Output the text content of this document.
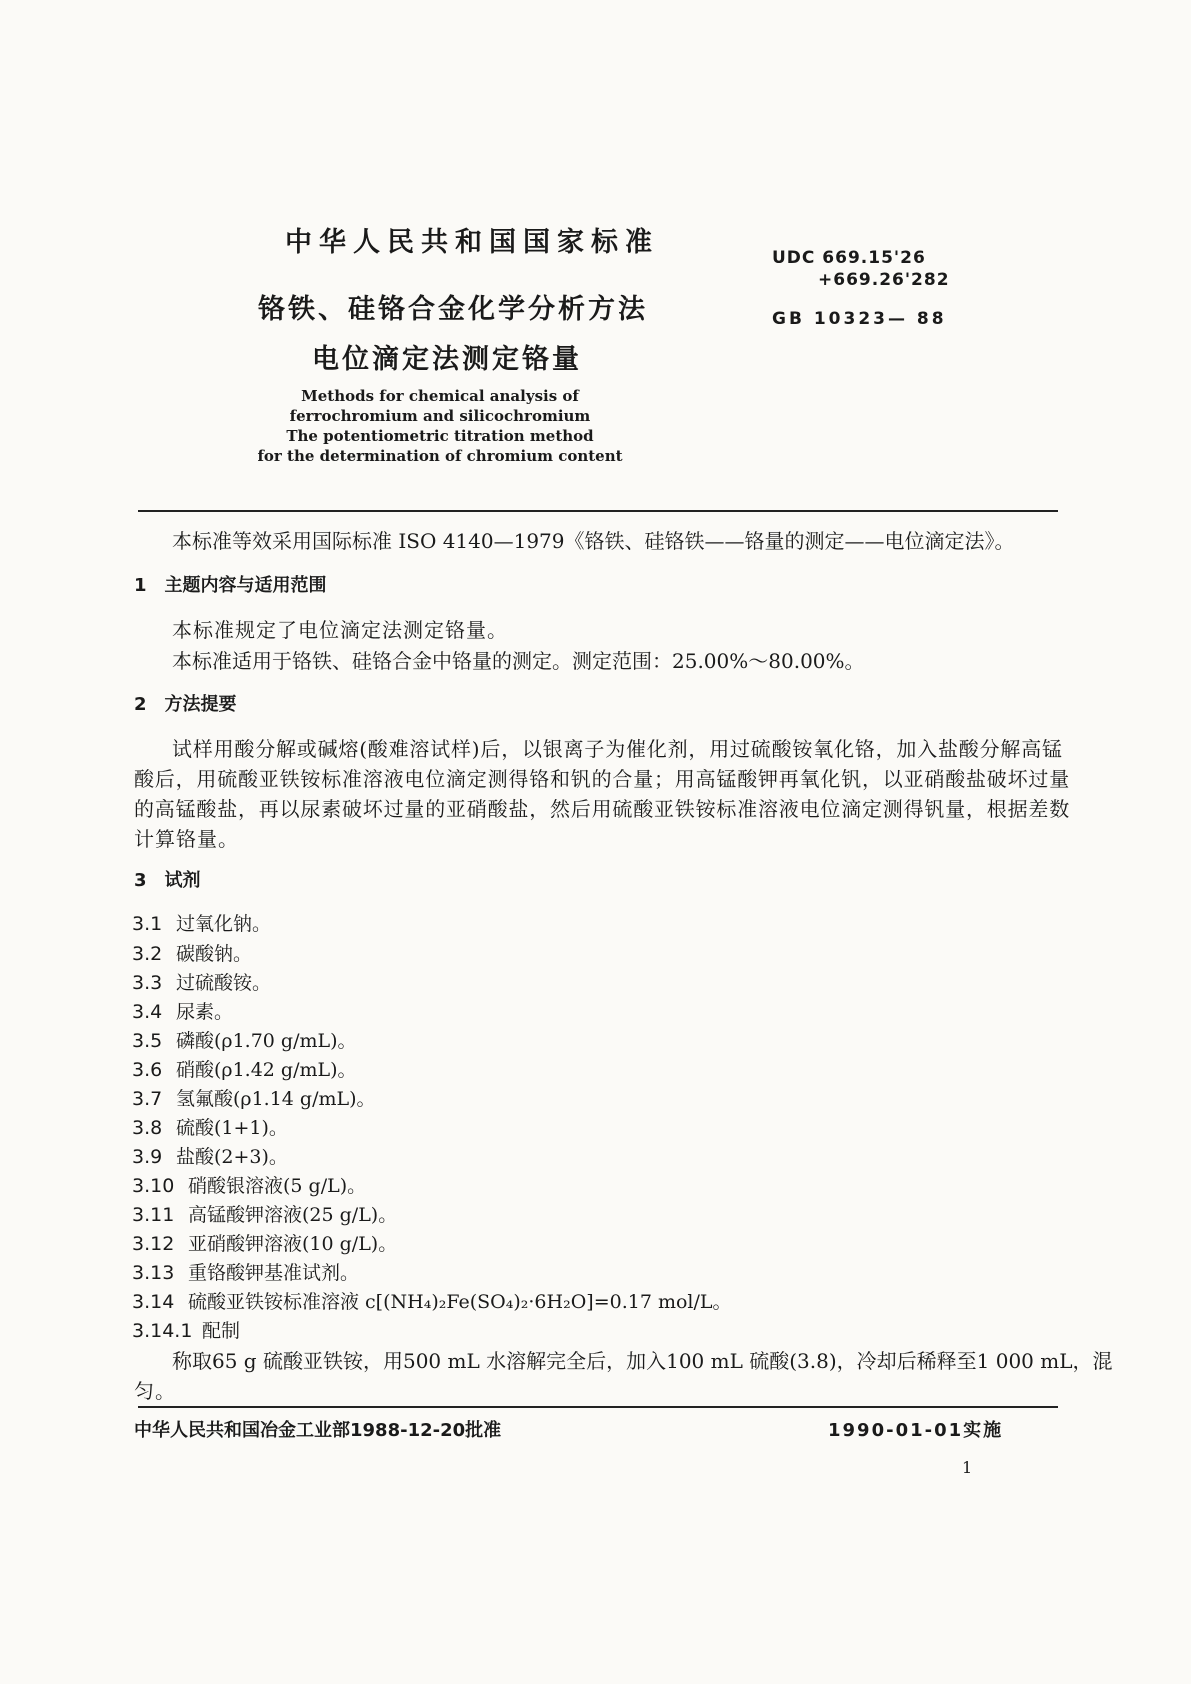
中华人民共和国国家标准	UDC 669.15'26
+669.26'282
GB 10323— 88
铬铁、硅铬合金化学分析方法
电位滴定法测定铬量
Methods for chemical analysis of
ferrochromium and silicochromium
The potentiometric titration method
for the determination of chromium content
本标准等效采用国际标准 ISO 4140—1979《铬铁、硅铬铁——铬量的测定——电位滴定法》。
1　主题内容与适用范围
本标准规定了电位滴定法测定铬量。
本标准适用于铬铁、硅铬合金中铬量的测定。测定范围：25.00%～80.00%。
2　方法提要
试样用酸分解或碱熔(酸难溶试样)后，以银离子为催化剂，用过硫酸铵氧化铬，加入盐酸分解高锰
酸后，用硫酸亚铁铵标准溶液电位滴定测得铬和钒的合量；用高锰酸钾再氧化钒，以亚硝酸盐破坏过量
的高锰酸盐，再以尿素破坏过量的亚硝酸盐，然后用硫酸亚铁铵标准溶液电位滴定测得钒量，根据差数
计算铬量。
3　试剂
3.1 过氧化钠。
3.2 碳酸钠。
3.3 过硫酸铵。
3.4 尿素。
3.5 磷酸(ρ1.70 g/mL)。
3.6 硝酸(ρ1.42 g/mL)。
3.7 氢氟酸(ρ1.14 g/mL)。
3.8 硫酸(1+1)。
3.9 盐酸(2+3)。
3.10 硝酸银溶液(5 g/L)。
3.11 高锰酸钾溶液(25 g/L)。
3.12 亚硝酸钾溶液(10 g/L)。
3.13 重铬酸钾基准试剂。
3.14 硫酸亚铁铵标准溶液 c[(NH₄)₂Fe(SO₄)₂·6H₂O]=0.17 mol/L。
3.14.1 配制
称取65 g 硫酸亚铁铵，用500 mL 水溶解完全后，加入100 mL 硫酸(3.8)，冷却后稀释至1 000 mL，混
匀。
中华人民共和国冶金工业部1988-12-20批准	1990-01-01实施
1
